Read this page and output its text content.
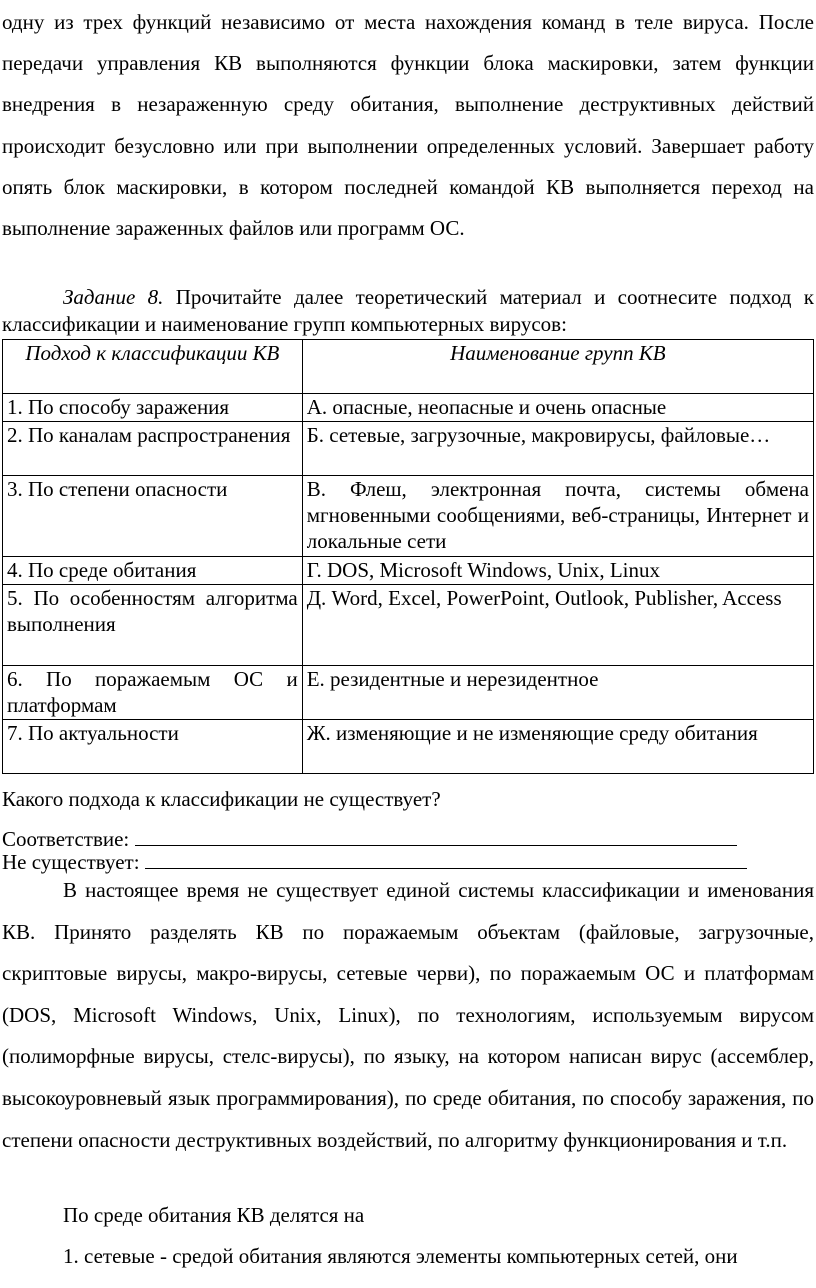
одну из трех функций независимо от места нахождения команд в теле вируса. После передачи управления КВ выполняются функции блока маскировки, затем функции внедрения в незараженную среду обитания, выполнение деструктивных действий происходит безусловно или при выполнении определенных условий. Завершает работу опять блок маскировки, в котором последней командой КВ выполняется переход на выполнение зараженных файлов или программ ОС.

Задание 8. Прочитайте далее теоретический материал и соотнесите подход к классификации и наименование групп компьютерных вирусов:

Подход к классификации КВ	Наименование групп КВ
1. По способу заражения	А. опасные, неопасные и очень опасные
2. По каналам распространения	Б. сетевые, загрузочные, макровирусы, файловые…
3. По степени опасности	В. Флеш, электронная почта, системы обмена мгновенными сообщениями, веб-страницы, Интернет и локальные сети
4. По среде обитания	Г. DOS, Microsoft Windows, Unix, Linux
5. По особенностям алгоритма выполнения	Д. Word, Excel, PowerPoint, Outlook, Publisher, Access
6. По поражаемым ОС и платформам	Е. резидентные и нерезидентное
7. По актуальности	Ж. изменяющие и не изменяющие среду обитания

Какого подхода к классификации не существует?

Соответствие:
Не существует:

В настоящее время не существует единой системы классификации и именования КВ. Принято разделять КВ по поражаемым объектам (файловые, загрузочные, скриптовые вирусы, макро-вирусы, сетевые черви), по поражаемым ОС и платформам (DOS, Microsoft Windows, Unix, Linux), по технологиям, используемым вирусом (полиморфные вирусы, стелс-вирусы), по языку, на котором написан вирус (ассемблер, высокоуровневый язык программирования), по среде обитания, по способу заражения, по степени опасности деструктивных воздействий, по алгоритму функционирования и т.п.

По среде обитания КВ делятся на

1. сетевые - средой обитания являются элементы компьютерных сетей, они
